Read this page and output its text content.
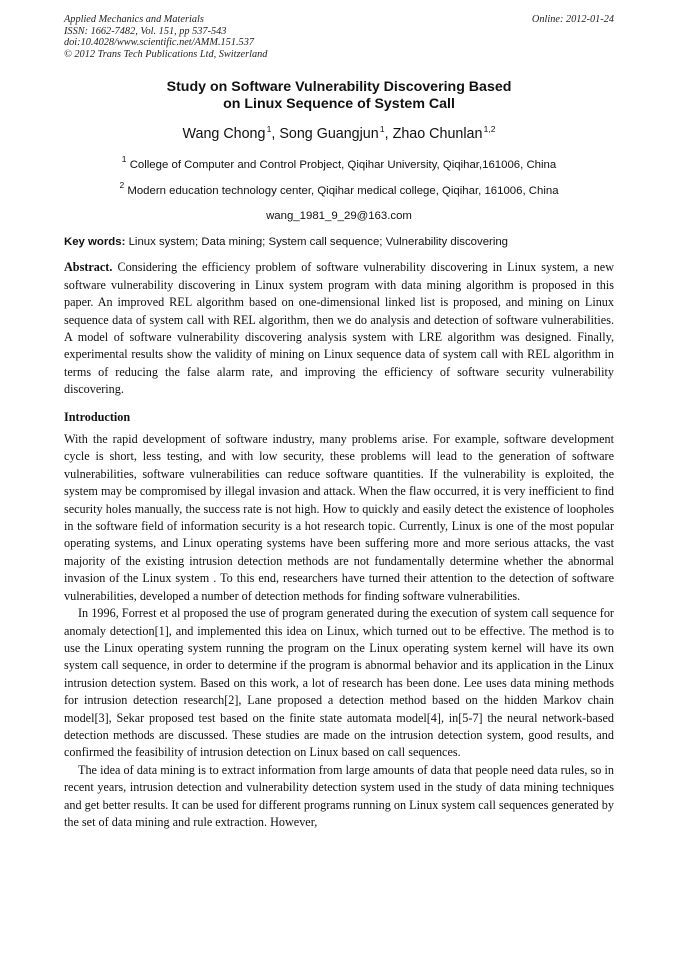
Applied Mechanics and Materials	Online: 2012-01-24
ISSN: 1662-7482, Vol. 151, pp 537-543
doi:10.4028/www.scientific.net/AMM.151.537
© 2012 Trans Tech Publications Ltd, Switzerland
Study on Software Vulnerability Discovering Based
on Linux Sequence of System Call
Wang Chong $^1$, Song Guangjun $^1$, Zhao Chunlan $^{1,2}$
$^1$ College of Computer and Control Probject, Qiqihar University, Qiqihar,161006, China
$^2$ Modern education technology center, Qiqihar medical college, Qiqihar, 161006, China
wang_1981_9_29@163.com
Key words: Linux system; Data mining; System call sequence; Vulnerability discovering
Abstract. Considering the efficiency problem of software vulnerability discovering in Linux system, a new software vulnerability discovering in Linux system program with data mining algorithm is proposed in this paper. An improved REL algorithm based on one-dimensional linked list is proposed, and mining on Linux sequence data of system call with REL algorithm, then we do analysis and detection of software vulnerabilities. A model of software vulnerability discovering analysis system with LRE algorithm was designed. Finally, experimental results show the validity of mining on Linux sequence data of system call with REL algorithm in terms of reducing the false alarm rate, and improving the efficiency of software security vulnerability discovering.
Introduction

With the rapid development of software industry, many problems arise. For example, software development cycle is short, less testing, and with low security, these problems will lead to the generation of software vulnerabilities, software vulnerabilities can reduce software quantities. If the vulnerability is exploited, the system may be compromised by illegal invasion and attack. When the flaw occurred, it is very inefficient to find security holes manually, the success rate is not high. How to quickly and easily detect the existence of loopholes in the software field of information security is a hot research topic. Currently, Linux is one of the most popular operating systems, and Linux operating systems have been suffering more and more serious attacks, the vast majority of the existing intrusion detection methods are not fundamentally determine whether the abnormal invasion of the Linux system . To this end, researchers have turned their attention to the detection of software vulnerabilities, developed a number of detection methods for finding software vulnerabilities.

In 1996, Forrest et al proposed the use of program generated during the execution of system call sequence for anomaly detection[1], and implemented this idea on Linux, which turned out to be effective. The method is to use the Linux operating system running the program on the Linux operating system kernel will have its own system call sequence, in order to determine if the program is abnormal behavior and its application in the Linux intrusion detection system. Based on this work, a lot of research has been done. Lee uses data mining methods for intrusion detection research[2], Lane proposed a detection method based on the hidden Markov chain model[3], Sekar proposed test based on the finite state automata model[4], in[5-7] the neural network-based detection methods are discussed. These studies are made on the intrusion detection system, good results, and confirmed the feasibility of intrusion detection on Linux based on call sequences.

The idea of data mining is to extract information from large amounts of data that people need data rules, so in recent years, intrusion detection and vulnerability detection system used in the study of data mining techniques and get better results. It can be used for different programs running on Linux system call sequences generated by the set of data mining and rule extraction. However,
